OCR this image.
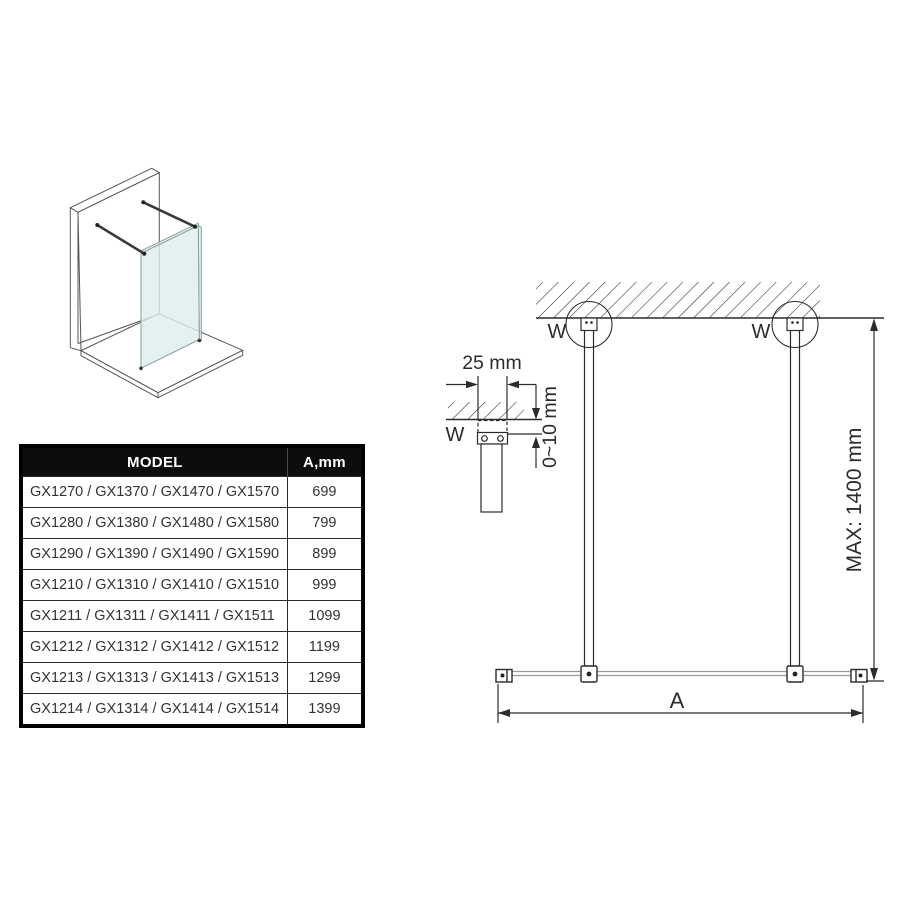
W	W
W
25 mm
0~10 mm
MAX: 1400 mm
A
MODEL	A,mm
GX1270 / GX1370 / GX1470 / GX1570	699
GX1280 / GX1380 / GX1480 / GX1580	799
GX1290 / GX1390 / GX1490 / GX1590	899
GX1210 / GX1310 / GX1410 / GX1510	999
GX1211 / GX1311 / GX1411 / GX1511	1099
GX1212 / GX1312 / GX1412 / GX1512	1199
GX1213 / GX1313 / GX1413 / GX1513	1299
GX1214 / GX1314 / GX1414 / GX1514	1399
